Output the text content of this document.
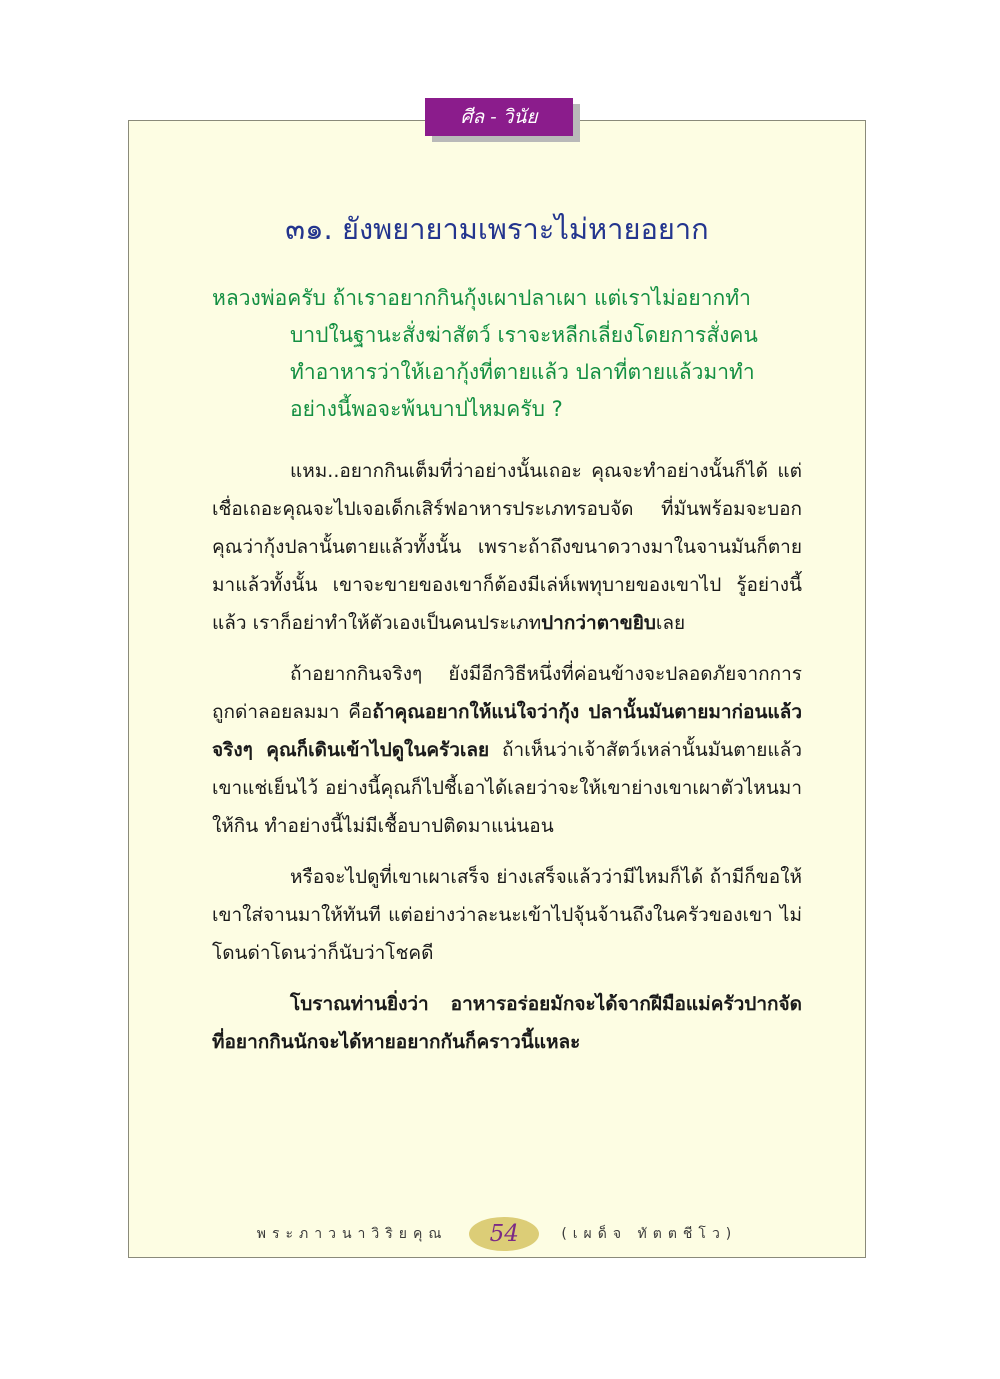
ศีล - วินัย
๓๑. ยังพยายามเพราะไม่หายอยาก
หลวงพ่อครับ ถ้าเราอยากกินกุ้งเผาปลาเผา แต่เราไม่อยากทำ
บาปในฐานะสั่งฆ่าสัตว์ เราจะหลีกเลี่ยงโดยการสั่งคน
ทำอาหารว่าให้เอากุ้งที่ตายแล้ว ปลาที่ตายแล้วมาทำ
อย่างนี้พอจะพ้นบาปไหมครับ ?

แหม..อยากกินเต็มที่ว่าอย่างนั้นเถอะ คุณจะทำอย่างนั้นก็ได้ แต่เชื่อเถอะคุณจะไปเจอเด็กเสิร์ฟอาหารประเภทรอบจัด ที่มันพร้อมจะบอกคุณว่ากุ้งปลานั้นตายแล้วทั้งนั้น เพราะถ้าถึงขนาดวางมาในจานมันก็ตายมาแล้วทั้งนั้น เขาจะขายของเขาก็ต้องมีเล่ห์เพทุบายของเขาไป รู้อย่างนี้แล้ว เราก็อย่าทำให้ตัวเองเป็นคนประเภทปากว่าตาขยิบเลย

ถ้าอยากกินจริงๆ ยังมีอีกวิธีหนึ่งที่ค่อนข้างจะปลอดภัยจากการถูกด่าลอยลมมา คือถ้าคุณอยากให้แน่ใจว่ากุ้ง ปลานั้นมันตายมาก่อนแล้วจริงๆ คุณก็เดินเข้าไปดูในครัวเลย ถ้าเห็นว่าเจ้าสัตว์เหล่านั้นมันตายแล้ว เขาแช่เย็นไว้ อย่างนี้คุณก็ไปชี้เอาได้เลยว่าจะให้เขาย่างเขาเผาตัวไหนมาให้กิน ทำอย่างนี้ไม่มีเชื้อบาปติดมาแน่นอน

หรือจะไปดูที่เขาเผาเสร็จ ย่างเสร็จแล้วว่ามีไหมก็ได้ ถ้ามีก็ขอให้เขาใส่จานมาให้ทันที แต่อย่างว่าละนะเข้าไปจุ้นจ้านถึงในครัวของเขา ไม่โดนด่าโดนว่าก็นับว่าโชคดี

โบราณท่านยิ่งว่า อาหารอร่อยมักจะได้จากฝีมือแม่ครัวปากจัด ที่อยากกินนักจะได้หายอยากกันก็คราวนี้แหละ

พระภาวนาวิริยคุณ	54	(เผด็จ ทัตตชีโว)
